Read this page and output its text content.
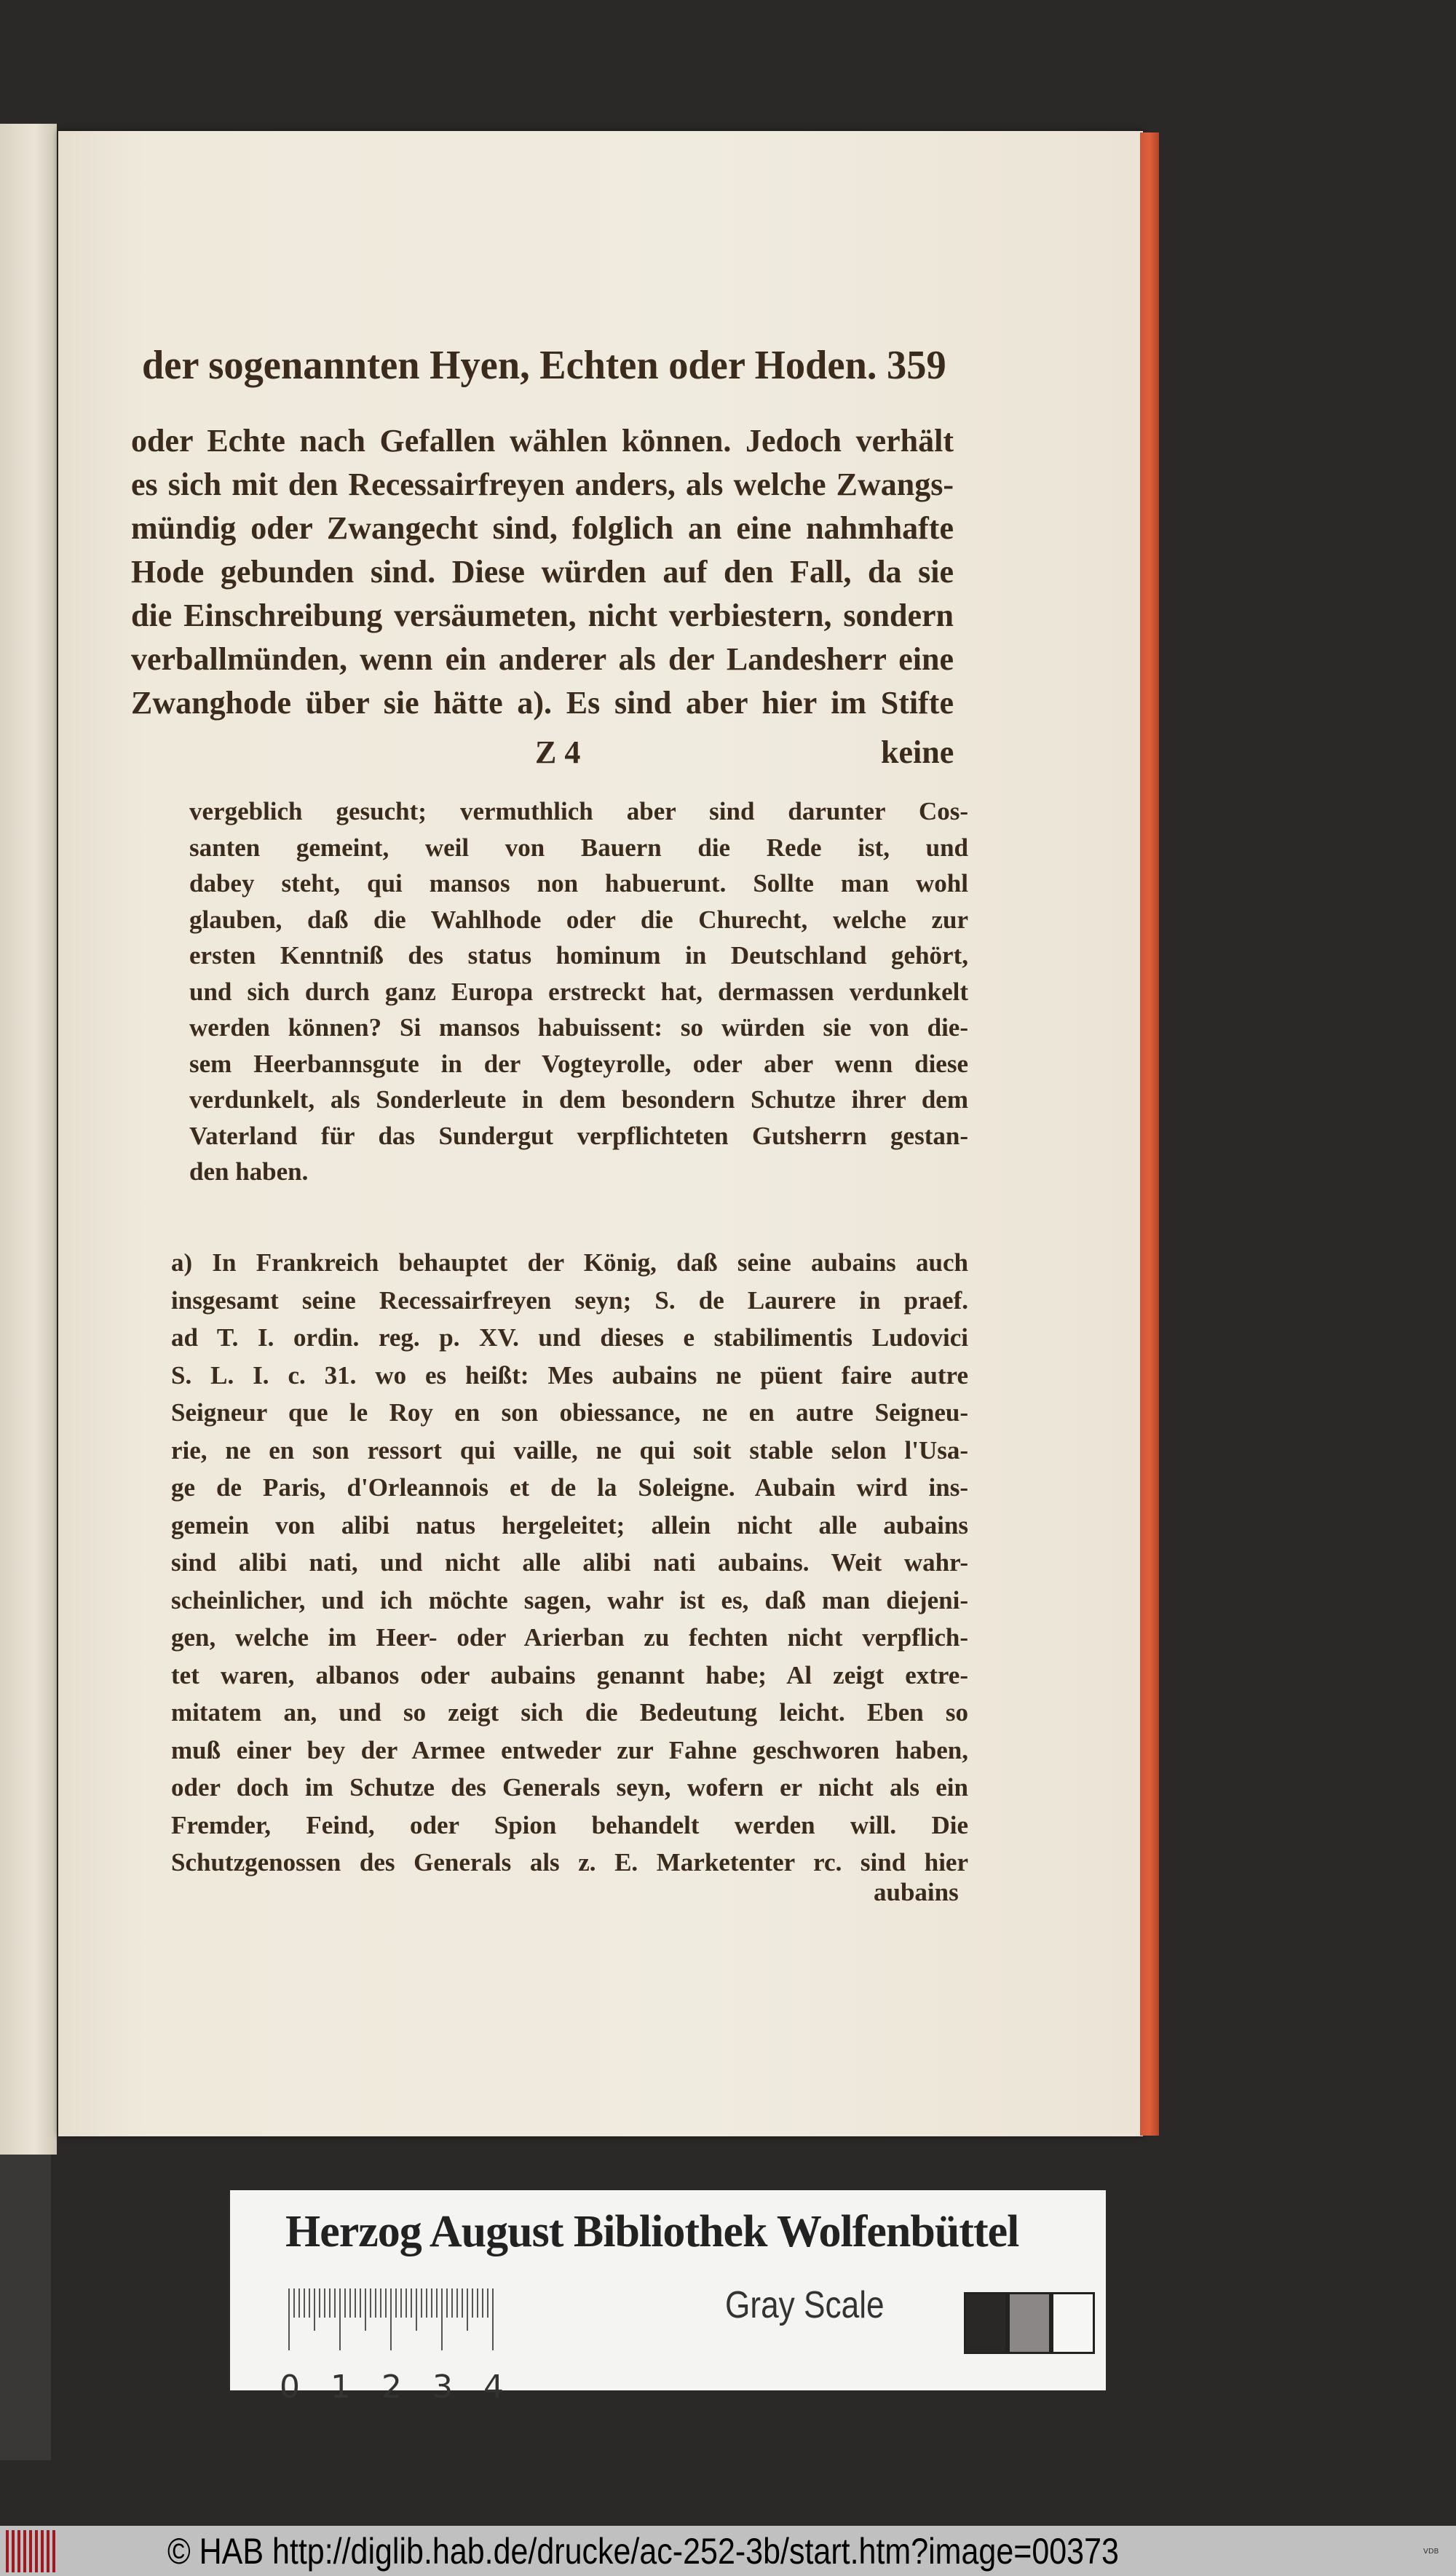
der sogenannten Hyen, Echten oder Hoden. 359
oder Echte nach Gefallen wählen können. Jedoch verhält
es sich mit den Recessairfreyen anders, als welche Zwangs-
mündig oder Zwangecht sind, folglich an eine nahmhafte
Hode gebunden sind. Diese würden auf den Fall, da sie
die Einschreibung versäumeten, nicht verbiestern, sondern
verballmünden, wenn ein anderer als der Landesherr eine
Zwanghode über sie hätte a). Es sind aber hier im Stifte
Z 4	keine
vergeblich gesucht; vermuthlich aber sind darunter Cos-
santen gemeint, weil von Bauern die Rede ist, und
dabey steht, qui mansos non habuerunt. Sollte man wohl
glauben, daß die Wahlhode oder die Churecht, welche zur
ersten Kenntniß des status hominum in Deutschland gehört,
und sich durch ganz Europa erstreckt hat, dermassen verdunkelt
werden können? Si mansos habuissent: so würden sie von die-
sem Heerbannsgute in der Vogteyrolle, oder aber wenn diese
verdunkelt, als Sonderleute in dem besondern Schutze ihrer dem
Vaterland für das Sundergut verpflichteten Gutsherrn gestan-
den haben.
a) In Frankreich behauptet der König, daß seine aubains auch
insgesamt seine Recessairfreyen seyn; S. de Laurere in praef.
ad T. I. ordin. reg. p. XV. und dieses e stabilimentis Ludovici
S. L. I. c. 31. wo es heißt: Mes aubains ne püent faire autre
Seigneur que le Roy en son obiessance, ne en autre Seigneu-
rie, ne en son ressort qui vaille, ne qui soit stable selon l'Usa-
ge de Paris, d'Orleannois et de la Soleigne. Aubain wird ins-
gemein von alibi natus hergeleitet; allein nicht alle aubains
sind alibi nati, und nicht alle alibi nati aubains. Weit wahr-
scheinlicher, und ich möchte sagen, wahr ist es, daß man diejeni-
gen, welche im Heer- oder Arierban zu fechten nicht verpflich-
tet waren, albanos oder aubains genannt habe; Al zeigt extre-
mitatem an, und so zeigt sich die Bedeutung leicht. Eben so
muß einer bey der Armee entweder zur Fahne geschworen haben,
oder doch im Schutze des Generals seyn, wofern er nicht als ein
Fremder, Feind, oder Spion behandelt werden will. Die
Schutzgenossen des Generals als z. E. Marketenter rc. sind hier
aubains
Herzog August Bibliothek Wolfenbüttel
0 1 2 3 4
Gray Scale
© HAB http://diglib.hab.de/drucke/ac-252-3b/start.htm?image=00373	VDB
